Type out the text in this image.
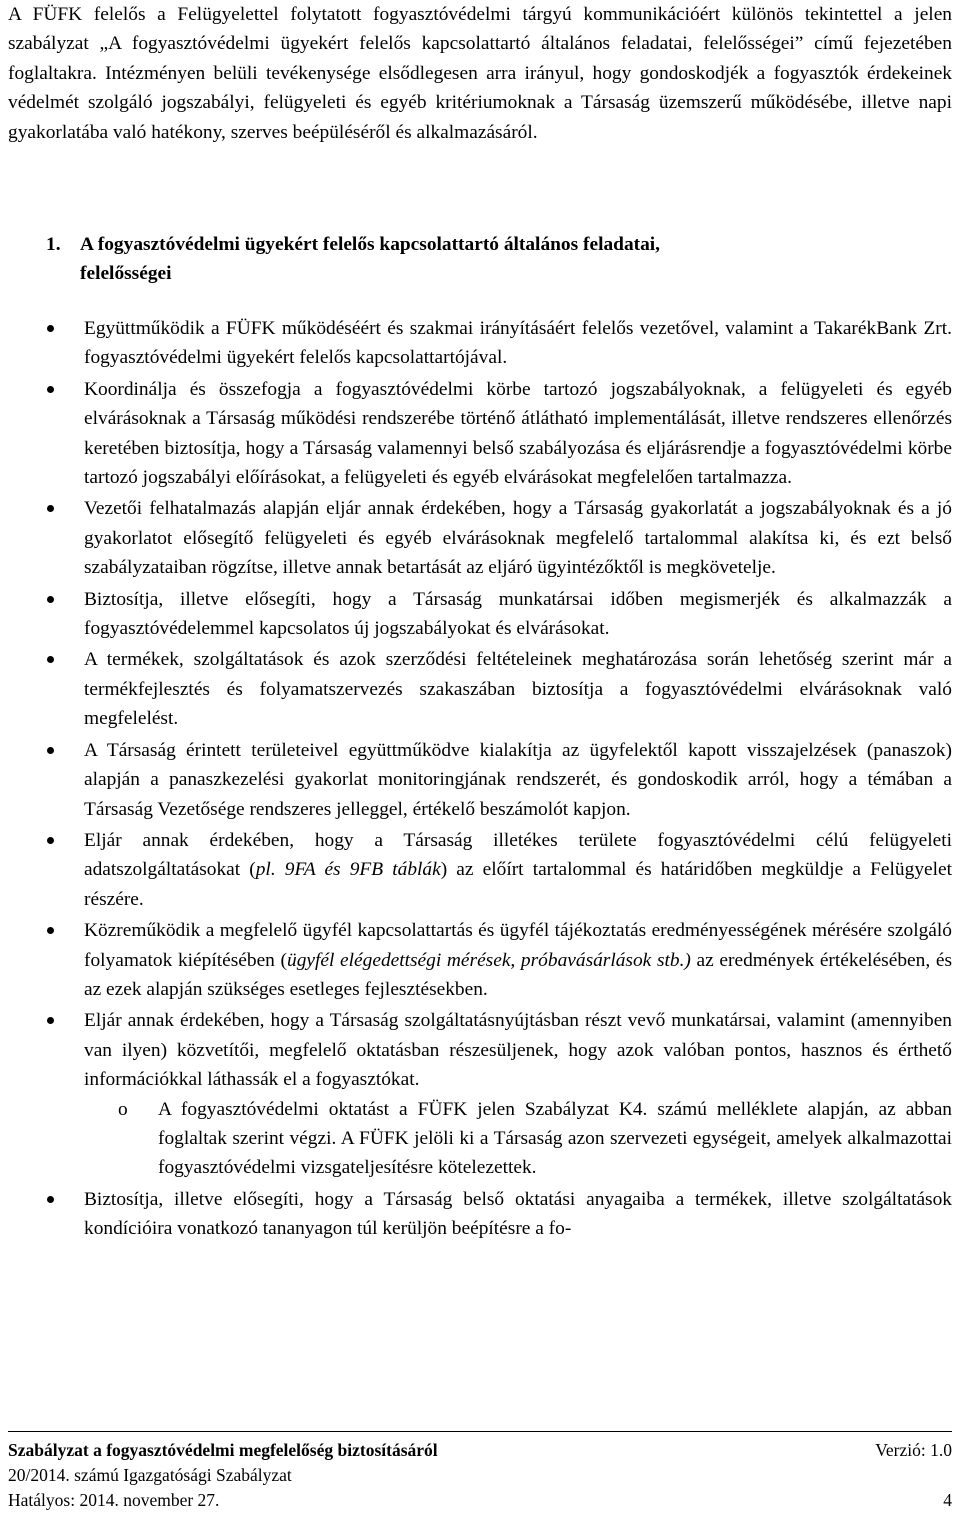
A FÜFK felelős a Felügyelettel folytatott fogyasztóvédelmi tárgyú kommunikációért különös tekintettel a jelen szabályzat „A fogyasztóvédelmi ügyekért felelős kapcsolattartó általános feladatai, felelősségei” című fejezetében foglaltakra. Intézményen belüli tevékenysége elsődlegesen arra irányul, hogy gondoskodjék a fogyasztók érdekeinek védelmét szolgáló jogszabályi, felügyeleti és egyéb kritériumoknak a Társaság üzemszerű működésébe, illetve napi gyakorlatába való hatékony, szerves beépüléséről és alkalmazásáról.

1. A fogyasztóvédelmi ügyekért felelős kapcsolattartó általános feladatai,
felelősségei
Együttműködik a FÜFK működéséért és szakmai irányításáért felelős vezetővel, valamint a TakarékBank Zrt. fogyasztóvédelmi ügyekért felelős kapcsolattartójával.
Koordinálja és összefogja a fogyasztóvédelmi körbe tartozó jogszabályoknak, a felügyeleti és egyéb elvárásoknak a Társaság működési rendszerébe történő átlátható implementálását, illetve rendszeres ellenőrzés keretében biztosítja, hogy a Társaság valamennyi belső szabályozása és eljárásrendje a fogyasztóvédelmi körbe tartozó jogszabályi előírásokat, a felügyeleti és egyéb elvárásokat megfelelően tartalmazza.
Vezetői felhatalmazás alapján eljár annak érdekében, hogy a Társaság gyakorlatát a jogszabályoknak és a jó gyakorlatot elősegítő felügyeleti és egyéb elvárásoknak megfelelő tartalommal alakítsa ki, és ezt belső szabályzataiban rögzítse, illetve annak betartását az eljáró ügyintézőktől is megkövetelje.
Biztosítja, illetve elősegíti, hogy a Társaság munkatársai időben megismerjék és alkalmazzák a fogyasztóvédelemmel kapcsolatos új jogszabályokat és elvárásokat.
A termékek, szolgáltatások és azok szerződési feltételeinek meghatározása során lehetőség szerint már a termékfejlesztés és folyamatszervezés szakaszában biztosítja a fogyasztóvédelmi elvárásoknak való megfelelést.
A Társaság érintett területeivel együttműködve kialakítja az ügyfelektől kapott visszajelzések (panaszok) alapján a panaszkezelési gyakorlat monitoringjának rendszerét, és gondoskodik arról, hogy a témában a Társaság Vezetősége rendszeres jelleggel, értékelő beszámolót kapjon.
Eljár annak érdekében, hogy a Társaság illetékes területe fogyasztóvédelmi célú felügyeleti adatszolgáltatásokat (pl. 9FA és 9FB táblák) az előírt tartalommal és határidőben megküldje a Felügyelet részére.
Közreműködik a megfelelő ügyfél kapcsolattartás és ügyfél tájékoztatás eredményességének mérésére szolgáló folyamatok kiépítésében (ügyfél elégedettségi mérések, próbavásárlások stb.) az eredmények értékelésében, és az ezek alapján szükséges esetleges fejlesztésekben.
Eljár annak érdekében, hogy a Társaság szolgáltatásnyújtásban részt vevő munkatársai, valamint (amennyiben van ilyen) közvetítői, megfelelő oktatásban részesüljenek, hogy azok valóban pontos, hasznos és érthető információkkal láthassák el a fogyasztókat.
o A fogyasztóvédelmi oktatást a FÜFK jelen Szabályzat K4. számú melléklete alapján, az abban foglaltak szerint végzi. A FÜFK jelöli ki a Társaság azon szervezeti egységeit, amelyek alkalmazottai fogyasztóvédelmi vizsgateljesítésre kötelezettek.
Biztosítja, illetve elősegíti, hogy a Társaság belső oktatási anyagaiba a termékek, illetve szolgáltatások kondícióira vonatkozó tananyagon túl kerüljön beépítésre a fo-
Szabályzat a fogyasztóvédelmi megfelelőség biztosításáról	Verzió: 1.0
20/2014. számú Igazgatósági Szabályzat
Hatályos: 2014. november 27.	4
